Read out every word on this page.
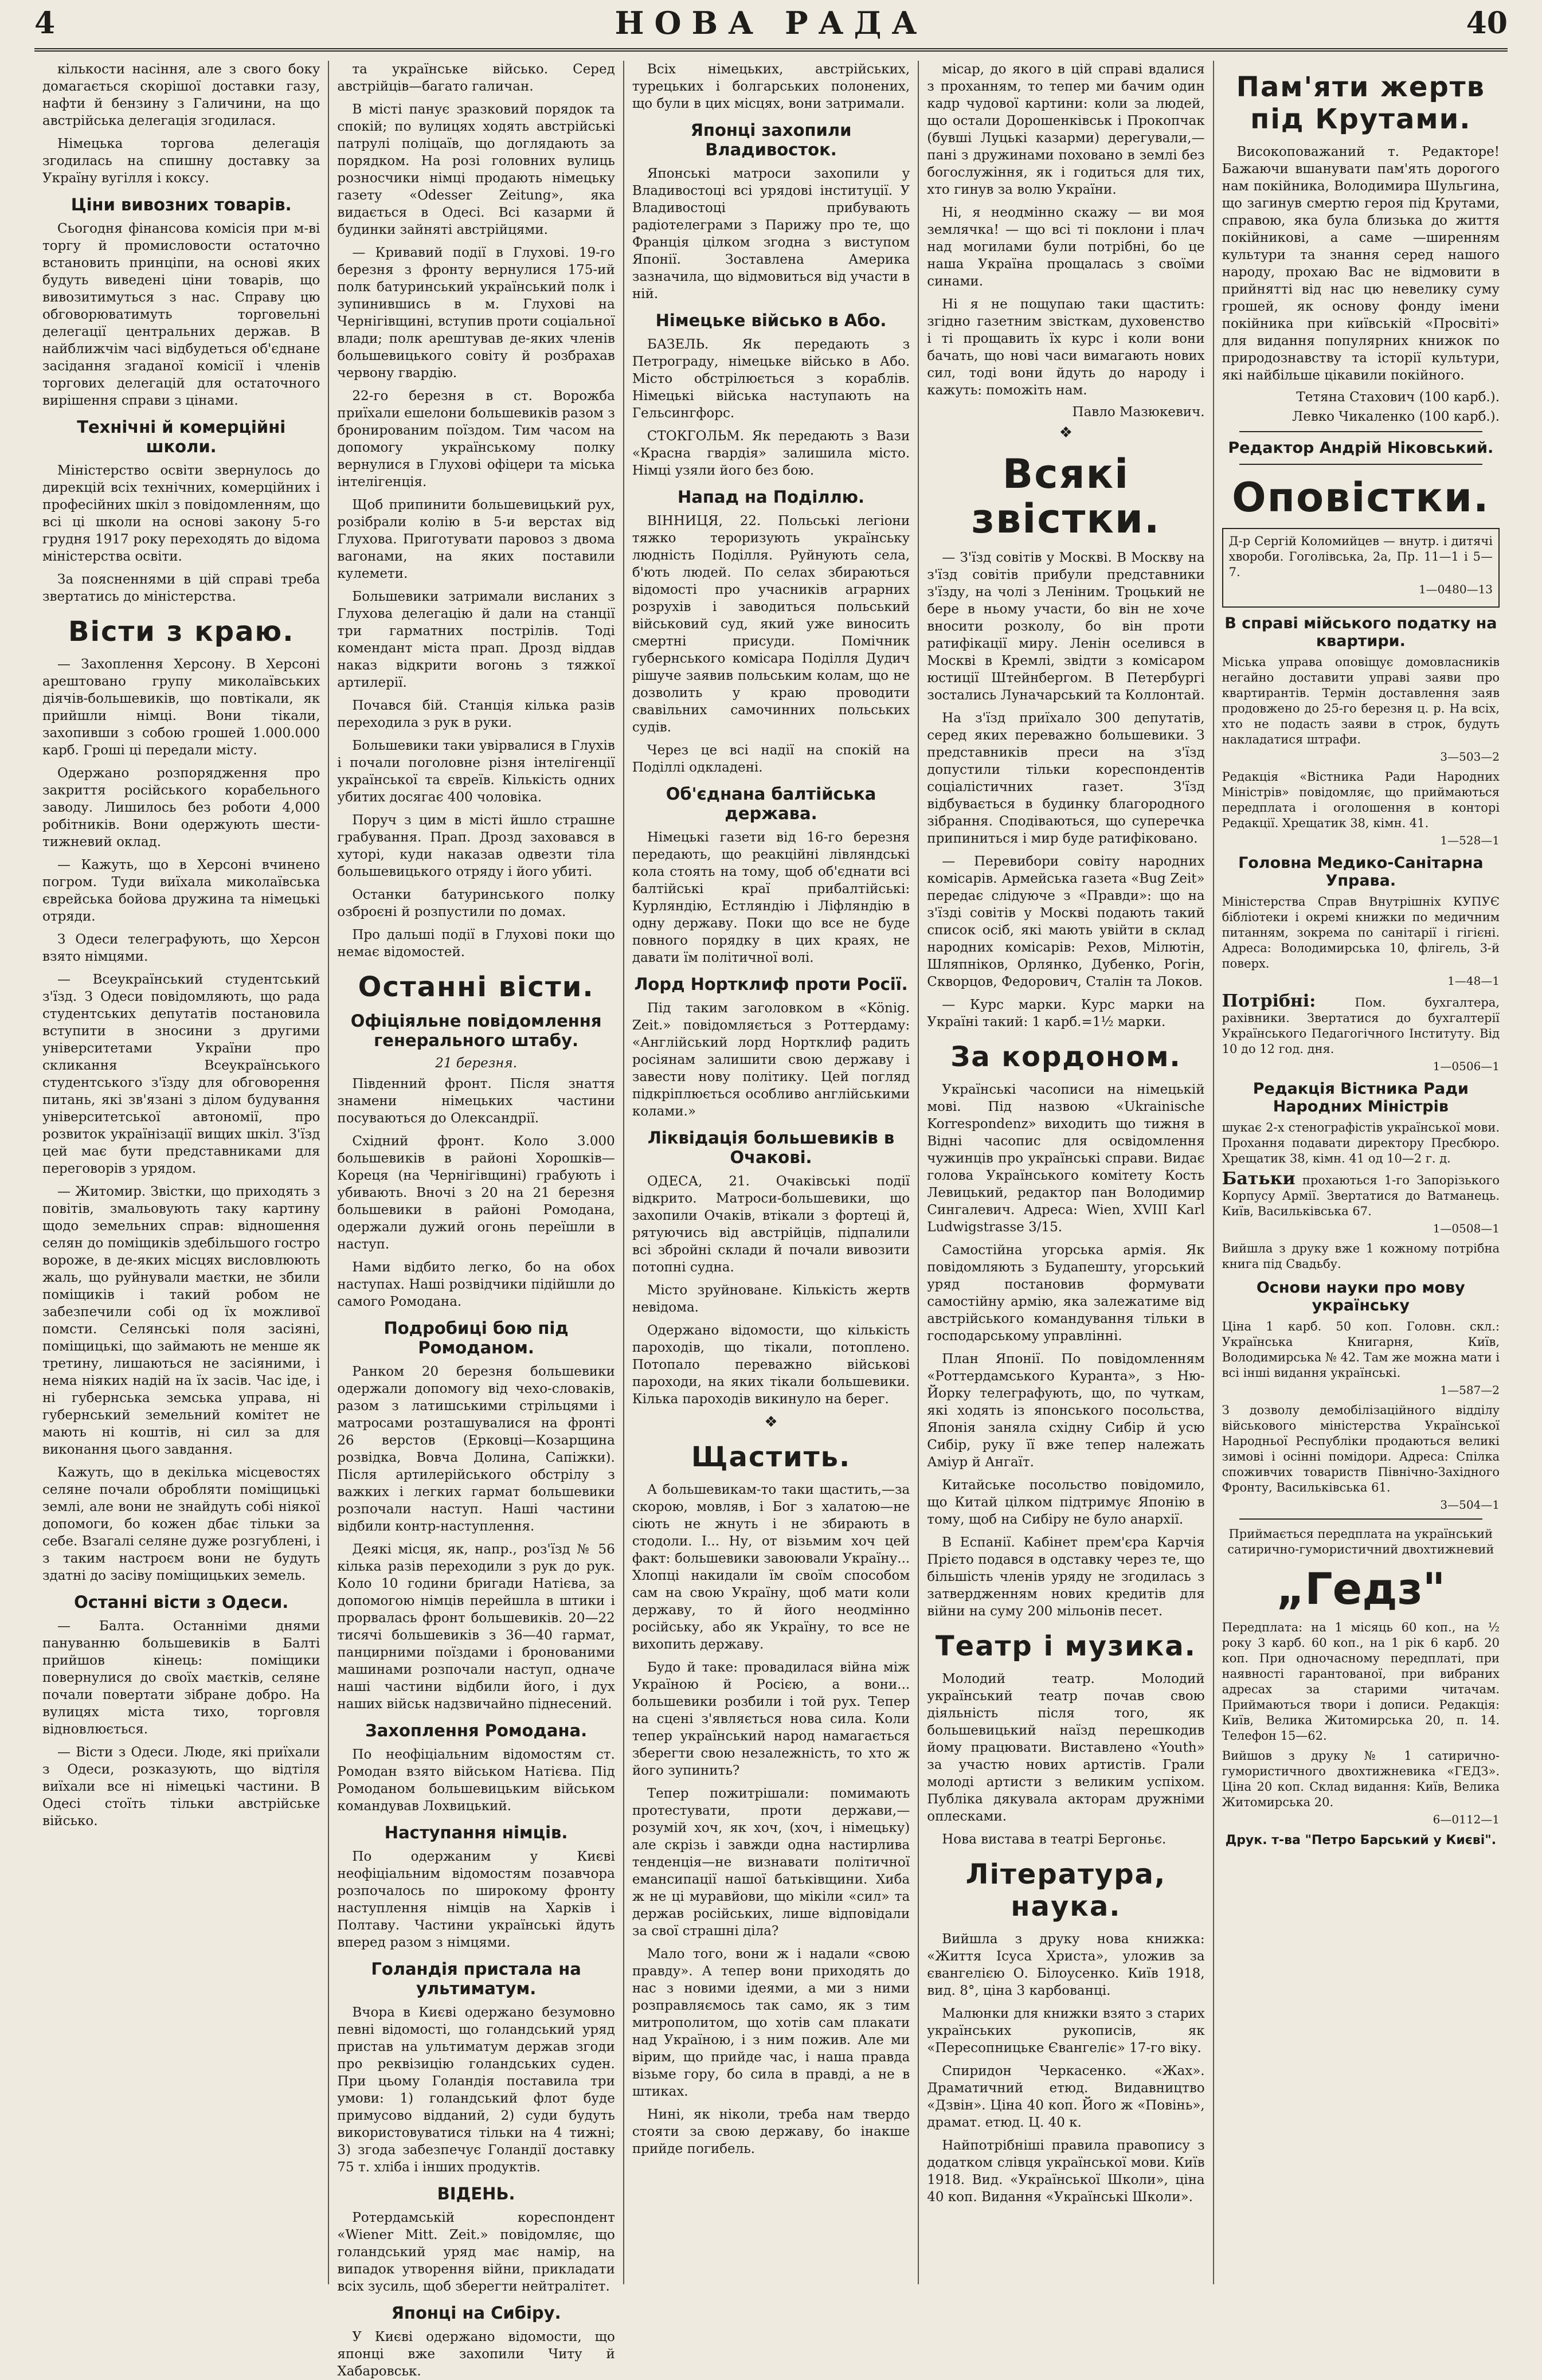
4	НОВА РАДА	40

кількости насіння, але з свого боку домагається скорішої доставки газу, нафти й бензину з Галичини, на що австрійська делегація згодилася.

Німецька торгова делегація згодилась на спишну доставку за Україну вугілля і коксу.

Ціни вивозних товарів.

Сьогодня фінансова комісія при м-ві торгу й промисловости остаточно встановить принціпи, на основі яких будуть виведені ціни товарів, що вивозитимуться з нас. Справу цю обговорюватимуть торговельні делегації центральних держав. В найближчім часі відбудеться об'єднане засідання згаданої комісії і членів торгових делегацій для остаточного вирішення справи з цінами.

Технічні й комерційні школи.

Міністерство освіти звернулось до дирекцій всіх технічних, комерційних і професійних шкіл з повідомленням, що всі ці школи на основі закону 5-го грудня 1917 року переходять до відома міністерства освіти.

За поясненнями в цій справі треба звертатись до міністерства.

Вісти з краю.

— Захоплення Херсону. В Херсоні арештовано групу миколаївських діячів-большевиків, що повтікали, як прийшли німці. Вони тікали, захопивши з собою грошей 1.000.000 карб. Гроші ці передали місту.

Одержано розпорядження про закриття російського корабельного заводу. Лишилось без роботи 4,000 робітників. Вони одержують шести-тижневий оклад.

— Кажуть, що в Херсоні вчинено погром. Туди виїхала миколаївська єврейська бойова дружина та німецькі отряди.

З Одеси телеграфують, що Херсон взято німцями.

— Всеукраїнський студентський з'їзд. З Одеси повідомляють, що рада студентських депутатів постановила вступити в зносини з другими університетами України про скликання Всеукраїнського студентського з'їзду для обговорення питань, які зв'язані з ділом будування університетської автономії, про розвиток українізації вищих шкіл. З'їзд цей має бути представниками для переговорів з урядом.

— Житомир. Звістки, що приходять з повітів, змальовують таку картину щодо земельних справ: відношення селян до поміщиків здебільшого гостро вороже, в де-яких місцях висловлюють жаль, що руйнували маєтки, не збили поміщиків і такий робом не забезпечили собі од їх можливої помсти. Селянські поля засіяні, поміщицькі, що займають не менше як третину, лишаються не засіяними, і нема ніяких надій на їх засів. Час іде, і ні губернська земська управа, ні губернський земельний комітет не мають ні коштів, ні сил за для виконання цього завдання.

Кажуть, що в декілька місцевостях селяне почали обробляти поміщицькі землі, але вони не знайдуть собі ніякої допомоги, бо кожен дбає тільки за себе. Взагалі селяне дуже розгублені, і з таким настроєм вони не будуть здатні до засіву поміщицьких земель.

Останні вісти з Одеси.

— Балта. Останніми днями пануванню большевиків в Балті прийшов кінець: поміщики повернулися до своїх маєтків, селяне почали повертати зібране добро. На вулицях міста тихо, торговля відновлюється.

— Вісти з Одеси. Люде, які приїхали з Одеси, розказують, що відтіля виїхали все ні німецькі частини. В Одесі стоїть тільки австрійське військо.

та українське військо. Серед австрійців—багато галичан.

В місті панує зразковий порядок та спокій; по вулицях ходять австрійські патрулі поліцаїв, що доглядають за порядком. На розі головних вулиць розносчики німці продають німецьку газету «Odesser Zeitung», яка видається в Одесі. Всі казарми й будинки зайняті австрійцями.

— Кривавий події в Глухові. 19-го березня з фронту вернулися 175-ий полк батуринський український полк і зупинившись в м. Глухові на Чернігівщині, вступив проти соціальної влади; полк арештував де-яких членів большевицького совіту й розбрахав червону гвардію.

22-го березня в ст. Ворожба приїхали ешелони большевиків разом з бронированим поїздом. Тим часом на допомогу українському полку вернулися в Глухові офіцери та міська інтелігенція.

Щоб припинити большевицький рух, розібрали колію в 5-и верстах від Глухова. Приготувати паровоз з двома вагонами, на яких поставили кулемети.

Большевики затримали висланих з Глухова делегацію й дали на станції три гарматних пострілів. Тоді комендант міста прап. Дрозд віддав наказ відкрити вогонь з тяжкої артилерії.

Почався бій. Станція кілька разів переходила з рук в руки.

Большевики таки увірвалися в Глухів і почали поголовне різня інтелігенції української та євреїв. Кількість одних убитих досягає 400 чоловіка.

Поруч з цим в місті йшло страшне грабування. Прап. Дрозд заховався в хуторі, куди наказав одвезти тіла большевицького отряду і його убиті.

Останки батуринського полку озброєні й розпустили по домах.

Про дальші події в Глухові поки що немає відомостей.

Останні вісти.
Офіціяльне повідомлення генерального штабу.
21 березня.

Південний фронт. Після знаття знамени німецьких частини посуваються до Олександрії.

Східний фронт. Коло 3.000 большевиків в районі Хорошків—Кореця (на Чернігівщині) грабують і убивають. Вночі з 20 на 21 березня большевики в районі Ромодана, одержали дужий огонь переїшли в наступ.

Нами відбито легко, бо на обох наступах. Наші розвідчики підійшли до самого Ромодана.

Подробиці бою під Ромоданом.

Ранком 20 березня большевики одержали допомогу від чехо-словаків, разом з латишськими стрільцями і матросами розташувалися на фронті 26 верстов (Ерковці—Козарщина розвідка, Вовча Долина, Сапіжки). Після артилерійського обстрілу з важких і легких гармат большевики розпочали наступ. Наші частини відбили контр-наступлення.

Деякі місця, як, напр., роз'їзд № 56 кілька разів переходили з рук до рук. Коло 10 години бригади Натієва, за допомогою німців перейшла в штики і прорвалась фронт большевиків. 20—22 тисячі большевиків з 36—40 гармат, панцирними поїздами і бронованими машинами розпочали наступ, одначе наші частини відбили його, і дух наших військ надзвичайно піднесений.

Захоплення Ромодана.

По неофіціальним відомостям ст. Ромодан взято військом Натієва. Під Ромоданом большевицьким військом командував Лохвицький.

Наступання німців.

По одержаним у Києві неофіціальним відомостям позавчора розпочалось по широкому фронту наступлення німців на Харків і Полтаву. Частини українські йдуть вперед разом з німцями.

Голандія пристала на ультиматум.

Вчора в Києві одержано безумовно певні відомості, що голандський уряд пристав на ультиматум держав згоди про реквізицію голандських суден. При цьому Голандія поставила три умови: 1) голандський флот буде примусово відданий, 2) суди будуть використовуватися тільки на 4 тижні; 3) згода забезпечує Голандії доставку 75 т. хліба і інших продуктів.

ВІДЕНЬ.

Ротердамській кореспондент «Wiener Mitt. Zeit.» повідомляє, що голандський уряд має намір, на випадок утворення війни, прикладати всіх зусиль, щоб зберегти нейтралітет.

Японці на Сибіру.

У Києві одержано відомости, що японці вже захопили Читу й Хабаровськ.

Всіх німецьких, австрійських, турецьких і болгарських полонених, що були в цих місцях, вони затримали.

Японці захопили Владивосток.

Японські матроси захопили у Владивостоці всі урядові інституції. У Владивостоці прибувають радіотелеграми з Парижу про те, що Франція цілком згодна з виступом Японії. Зоставлена Америка зазначила, що відмовиться від участи в ній.

Німецьке військо в Або.

БАЗЕЛЬ. Як передають з Петрограду, німецьке військо в Або. Місто обстрілюється з кораблів. Німецькі війська наступають на Гельсингфорс.

СТОКГОЛЬМ. Як передають з Вази «Красна гвардія» залишила місто. Німці узяли його без бою.

Напад на Поділлю.

ВІННИЦЯ, 22. Польські легіони тяжко тероризують українську людність Поділля. Руйнують села, б'ють людей. По селах збираються відомості про учасників аграрних розрухів і заводиться польський військовий суд, який уже виносить смертні присуди. Помічник губернського комісара Поділля Дудич рішуче заявив польським колам, що не дозволить у краю проводити свавільних самочинних польських судів.

Через це всі надії на спокій на Поділлі одкладені.

Об'єднана балтійська держава.

Німецькі газети від 16-го березня передають, що реакційні лівляндські кола стоять на тому, щоб об'єднати всі балтійські краї прибалтійські: Курляндію, Естляндію і Ліфляндію в одну державу. Поки що все не буде повного порядку в цих краях, не давати їм політичної волі.

Лорд Нортклиф проти Росії.

Під таким заголовком в «König. Zeit.» повідомляється з Роттердаму: «Англійський лорд Нортклиф радить росіянам залишити свою державу і завести нову політику. Цей погляд підкріплюється особливо англійськими колами.»

Ліквідація большевиків в Очакові.

ОДЕСА, 21. Очаківські події відкрито. Матроси-большевики, що захопили Очаків, втікали з фортеці й, рятуючись від австрійців, підпалили всі збройні склади й почали вивозити потопні судна.

Місто зруйноване. Кількість жертв невідома.

Одержано відомости, що кількість пароходів, що тікали, потоплено. Потопало переважно військові пароходи, на яких тікали большевики. Кілька пароходів викинуло на берег.

❖
Щастить.

А большевикам-то таки щастить,—за скорою, мовляв, і Бог з халатою—не сіють не жнуть і не збирають в стодоли. І... Ну, от візьмим хоч цей факт: большевики завоювали Україну... Хлопці накидали їм своїм способом сам на свою Україну, щоб мати коли державу, то й його неодмінно російську, або як Україну, то все не вихопить державу.

Будо й таке: провадилася війна між Україною й Росією, а вони... большевики розбили і той рух. Тепер на сцені з'являється нова сила. Коли тепер український народ намагається зберегти свою незалежність, то хто ж його зупинить?

Тепер пожитрішали: помимають протестувати, проти держави,—розумій хоч, як хоч, (хоч, і німецьку) але скрізь і завжди одна настирлива тенденція—не визнавати політичної емансипації нашої батьківщини. Хиба ж не ці муравйови, що мікіли «сил» та держав російських, лише відповідали за свої страшні діла?

Мало того, вони ж і надали «свою правду». А тепер вони приходять до нас з новими ідеями, а ми з ними розправляємось так само, як з тим митрополитом, що хотів сам плакати над Україною, і з ним пожив. Але ми вірим, що прийде час, і наша правда візьме гору, бо сила в правді, а не в штиках.

Нині, як ніколи, треба нам твердо стояти за свою державу, бо інакше прийде погибель.

місар, до якого в цій справі вдалися з проханням, то тепер ми бачим один кадр чудової картини: коли за людей, що остали Дорошенківськ і Прокопчак (бувші Луцькі казарми) дерегували,—пані з дружинами поховано в землі без богослужіння, як і годиться для тих, хто гинув за волю України.

Ні, я неодмінно скажу — ви моя землячка! — що всі ті поклони і плач над могилами були потрібні, бо це наша Україна прощалась з своїми синами.

Ні я не пощупаю таки щастить: згідно газетним звісткам, духовенство і ті прощавить їх курс і коли вони бачать, що нові часи вимагають нових сил, тоді вони йдуть до народу і кажуть: поможіть нам.

Павло Мазюкевич.
❖
Всякі звістки.

— З'їзд совітів у Москві. В Москву на з'їзд совітів прибули представники з'їзду, на чолі з Леніним. Троцький не бере в ньому участи, бо він не хоче вносити розколу, бо він проти ратифікації миру. Ленін оселився в Москві в Кремлі, звідти з комісаром юстиції Штейнбергом. В Петербургі зостались Луначарський та Коллонтай.

На з'їзд приїхало 300 депутатів, серед яких переважно большевики. З представників преси на з'їзд допустили тільки кореспондентів соціалістичних газет. З'їзд відбувається в будинку благородного зібрання. Сподіваються, що суперечка припиниться і мир буде ратифіковано.

— Перевибори совіту народних комісарів. Армейська газета «Bug Zeit» передає слідуюче з «Правди»: що на з'їзді совітів у Москві подають такий список осіб, які мають увійти в склад народних комісарів: Рехов, Мілютін, Шляпніков, Орлянко, Дубенко, Рогін, Скворцов, Федорович, Сталін та Локов.

— Курс марки. Курс марки на Україні такий: 1 карб.=1½ марки.

За кордоном.

Українські часописи на німецькій мові. Під назвою «Ukrainische Korrespondenz» виходить що тижня в Відні часопис для освідомлення чужинців про українські справи. Видає голова Українського комітету Кость Левицький, редактор пан Володимир Сингалевич. Адреса: Wien, XVIII Karl Ludwigstrasse 3/15.

Самостійна угорська армія. Як повідомляють з Будапешту, угорський уряд постановив формувати самостійну армію, яка залежатиме від австрійського командування тільки в господарському управлінні.

План Японії. По повідомленням «Роттердамського Куранта», з Ню-Йорку телеграфують, що, по чуткам, які ходять із японського посольства, Японія заняла східну Сибір й усю Сибір, руку її вже тепер належать Аміур й Ангаїт.

Китайське посольство повідомило, що Китай цілком підтримує Японію в тому, щоб на Сибіру не було анархії.

В Еспанії. Кабінет прем'єра Карчія Прієто подався в одставку через те, що більшість членів уряду не згодилась з затвердженням нових кредитів для війни на суму 200 мільонів песет.

Театр і музика.

Молодий театр. Молодий український театр почав свою діяльність після того, як большевицький наїзд перешкодив йому працювати. Виставлено «Youth» за участю нових артистів. Грали молоді артисти з великим успіхом. Публіка дякувала акторам дружніми оплесками.

Нова вистава в театрі Бергоньє.

Література, наука.

Вийшла з друку нова книжка: «Життя Ісуса Христа», уложив за євангелією О. Білоусенко. Київ 1918, вид. 8°, ціна 3 карбованці.

Малюнки для книжки взято з старих українських рукописів, як «Пересопницьке Євангеліє» 17-го віку.

Спиридон Черкасенко. «Жах». Драматичний етюд. Видавництво «Дзвін». Ціна 40 коп. Його ж «Повінь», драмат. етюд. Ц. 40 к.

Найпотрібніші правила правопису з додатком слівця української мови. Київ 1918. Вид. «Української Школи», ціна 40 коп. Видання «Українські Школи».

Пам'яти жертв під Крутами.

Високоповажаний т. Редакторе! Бажаючи вшанувати пам'ять дорогого нам покійника, Володимира Шульгина, що загинув смертю героя під Крутами, справою, яка була близька до життя покійникові, а саме —ширенням культури та знання серед нашого народу, прохаю Вас не відмовити в прийнятті від нас цю невелику суму грошей, як основу фонду імени покійника при київській «Просвіті» для видання популярних книжок по природознавству та історії культури, які найбільше цікавили покійного.

Тетяна Стахович (100 карб.).
Левко Чикаленко (100 карб.).
Редактор Андрій Ніковський.
Оповістки.
Д-р Сергій Коломийцев — внутр. і дитячі хвороби. Гоголівська, 2а, Пр. 11—1 і 5—7.
1—0480—13
В справі мійського податку на квартири.
Міська управа оповіщує домовласників негайно доставити управі заяви про квартирантів. Термін доставлення заяв продовжено до 25-го березня ц. р. На всіх, хто не подасть заяви в строк, будуть накладатися штрафи.
3—503—2
Редакція «Вістника Ради Народних Міністрів» повідомляє, що приймаються передплата і оголошення в конторі Редакції. Хрещатик 38, кімн. 41.
1—528—1
Головна Медико-Санітарна Управа.
Міністерства Справ Внутрішніх КУПУЄ бібліотеки і окремі книжки по медичним питанням, зокрема по санітарії і гігієні. Адреса: Володимирська 10, флігель, 3-й поверх.
1—48—1
Потрібні:	Пом. бухгалтера, рахівники. Звертатися до бухгалтерії Українського Педагогічного Інституту. Від 10 до 12 год. дня.
1—0506—1
Редакція Вістника Ради Народних Міністрів
шукає 2-х стенографістів української мови. Прохання подавати директору Пресбюро. Хрещатик 38, кімн. 41 од 10—2 г. д.
Батьки прохаються 1-го Запорізького Корпусу Армії. Звертатися до Ватманець. Київ, Васильківська 67.
1—0508—1
Вийшла з друку вже 1 кожному потрібна книга під Свадьбу.
Основи науки про мову українську
Ціна 1 карб. 50 коп. Головн. скл.: Українська Книгарня, Київ, Володимирська № 42. Там же можна мати і всі інші видання українські.
1—587—2
З дозволу демобілізаційного відділу військового міністерства Української Народньої Республіки продаються великі зимові і осінні помідори. Адреса: Спілка споживчих товариств Північно-Західного Фронту, Васильківська 61.
3—504—1
Приймається передплата на український сатирично-гумористичний двохтижневий
„Гедз"
Передплата: на 1 місяць 60 коп., на ½ року 3 карб. 60 коп., на 1 рік 6 карб. 20 коп. При одночасному передплаті, при наявності гарантованої, при вибраних адресах за старими читачам. Приймаються твори і дописи. Редакція: Київ, Велика Житомирська 20, п. 14. Телефон 15—62.
Вийшов з друку № 1 сатирично-гумористичного двохтижневика «ГЕДЗ». Ціна 20 коп. Склад видання: Київ, Велика Житомирська 20.
6—0112—1
Друк. т-ва "Петро Барський у Києві".
